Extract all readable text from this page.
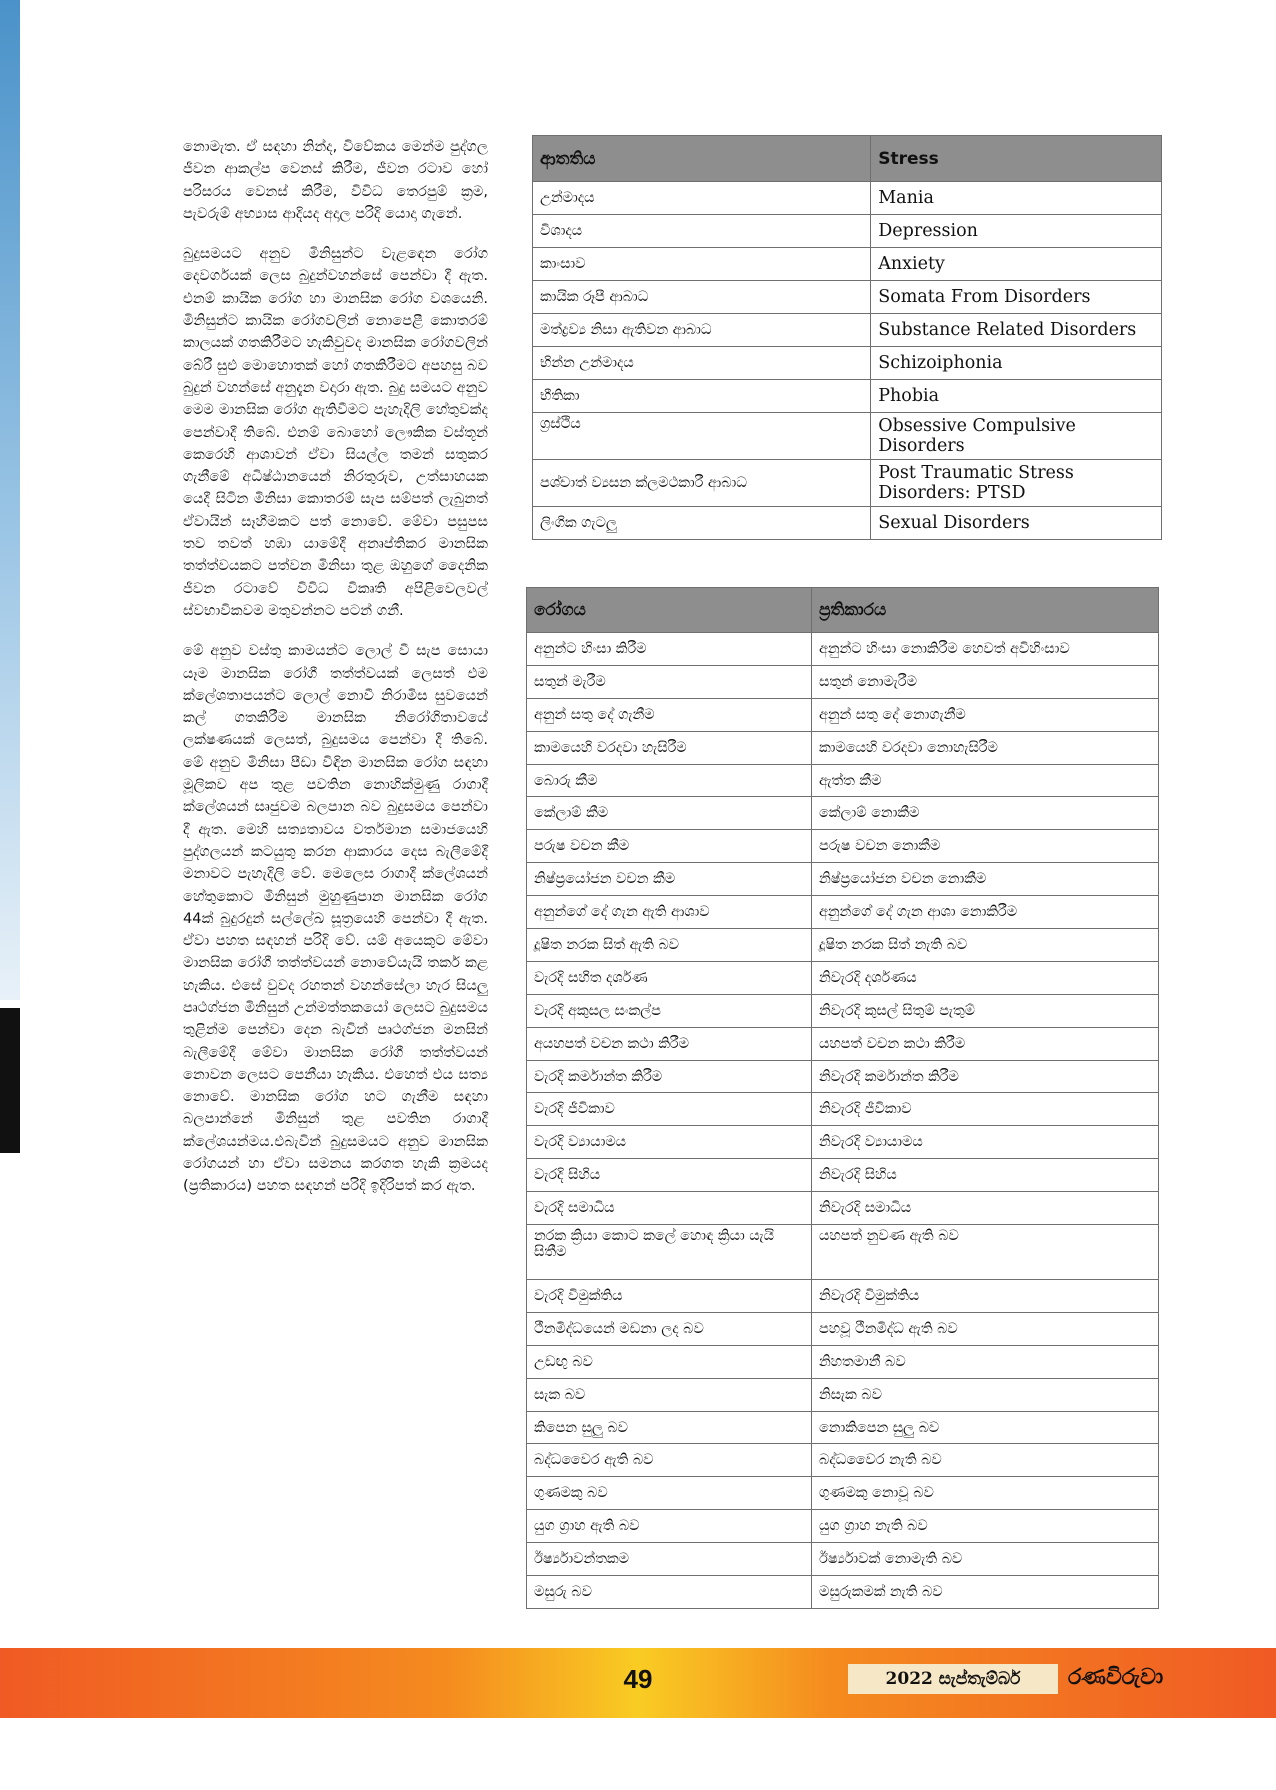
නොමැත. ඒ සඳහා නින්ද, විවේකය මෙන්ම පුද්ගල ජීවන ආකල්ප වෙනස් කිරීම, ජීවන රටාව හෝ පරිසරය වෙනස් කිරීම, විවිධ තෙරපුම් ක්‍රම, පැවරුම් අභ්‍යාස ආදියද අදාල පරිදි යොදා ගැනේ.

බුදුසමයට අනුව මිනිසුන්ට වැළඳෙන රෝග දෙවර්ගයක් ලෙස බුදුන්වහන්සේ පෙන්වා දී ඇත. එනම් කායික රෝග හා මානසික රෝග වශයෙනි. මිනිසුන්ට කායික රෝගවලින් නොපෙළී කොතරම් කාලයක් ගතකිරීමට හැකිවුවද මානසික රෝගවලින් බේරී සුළු මොහොතක් හෝ ගතකිරීමට අපහසු බව බුදුන් වහන්සේ අනුදැන වදාරා ඇත. බුදු සමයට අනුව මෙම මානසික රෝග ඇතිවීමට පැහැදිලි හේතුවක්ද පෙන්වාදී තිබේ. එනම් බොහෝ ලෞකික වස්තූන් කෙරෙහි ආශාවන් ඒවා සියල්ල තමන් සතුකර ගැනීමේ අධිෂ්ඨානයෙන් නිරතුරුව, උත්සාහයක යෙදී සිටින මිනිසා කොතරම් සැප සම්පත් ලැබුනත් ඒවායින් සෑහීමකට පත් නොවේ. මේවා පසුපස තව තවත් හඹා යාමේදී අනෘප්තිකර මානසික තත්ත්වයකට පත්වන මිනිසා තුළ ඔහුගේ දෛනික ජීවන රටාවේ විවිධ විකෘති අපිළිවෙලවල් ස්වභාවිකවම මතුවන්නට පටන් ගනී.

මේ අනුව වස්තු කාමයන්ට ලොල් වී සැප සොයා යෑම මානසික රෝගී තත්ත්වයක් ලෙසත් එම ක්ලේශතාපයන්ට ලොල් නොවී නිරාමිස සුවයෙන් කල් ගතකිරීම මානසික නිරෝගිතාවයේ ලක්ෂණයක් ලෙසත්, බුදුසමය පෙන්වා දී තිබේ. මේ අනුව මිනිසා පීඩා විඳින මානසික රෝග සඳහා මූලිකව අප තුළ පවතින නොහික්මුණු රාගාදී ක්ලේශයන් සෘජුවම බලපාන බව බුදුසමය පෙන්වා දී ඇත. මෙහි සත්‍යතාවය වර්තමාන සමාජයෙහි පුද්ගලයන් කටයුතු කරන ආකාරය දෙස බැලීමේදී මනාවට පැහැදිලි වේ. මෙලෙස රාගාදී ක්ලේශයන් හේතුකොට මිනිසුන් මුහුණුපාන මානසික රෝග 44ක් බුදුරදුන් සල්ලේඛ සූත්‍රයෙහි පෙන්වා දී ඇත. ඒවා පහත සඳහන් පරිදි වේ. යම් අයෙකුට මේවා මානසික රෝගී තත්ත්වයන් නොවේයැයි තර්ක කළ හැකිය. එසේ වුවද රහතන් වහන්සේලා හැර සියලු පෘථග්ජන මිනිසුන් උන්මත්තකයෝ ලෙසට බුදුසමය තුළින්ම පෙන්වා දෙන බැවින් පෘථග්ජන මනසින් බැලීමේදී මේවා මානසික රෝගී තත්ත්වයන් නොවන ලෙසට පෙනීයා හැකිය. එහෙත් එය සත්‍ය නොවේ. මානසික රෝග හට ගැනීම සඳහා බලපාන්නේ මිනිසුන් තුළ පවතින රාගාදී ක්ලේශයන්මය.එබැවින් බුදුසමයට අනුව මානසික රෝගයන් හා ඒවා සමනය කරගත හැකි ක්‍රමයද (ප්‍රතිකාරය) පහත සඳහන් පරිදි ඉදිරිපත් කර ඇත.

ආතතිය	Stress
උන්මාදය	Mania
විශාදය	Depression
කාංසාව	Anxiety
කායික රූපී ආබාධ	Somata From Disorders
මත්ද්‍රව්‍ය නිසා ඇතිවන ආබාධ	Substance Related Disorders
භින්න උන්මාදය	Schizoiphonia
භීතිකා	Phobia
ග්‍රස්ථිය	Obsessive Compulsive Disorders
පශ්චාත් ව්‍යසන ක්ලමථකාරී ආබාධ	Post Traumatic Stress Disorders: PTSD
ලිංගික ගැටලු	Sexual Disorders
රෝගය	ප්‍රතිකාරය
අනුන්ට හිංසා කිරීම	අනුන්ට හිංසා නොකිරීම හෙවත් අවිහිංසාව
සතුන් මැරීම	සතුන් නොමැරීම
අනුන් සතු දේ ගැනීම	අනුන් සතු දේ නොගැනීම
කාමයෙහි වරදවා හැසිරීම	කාමයෙහි වරදවා නොහැසිරීම
බොරු කීම	ඇත්ත කීම
කේලාම් කීම	කේලාම් නොකීම
පරුෂ වචන කීම	පරුෂ වචන නොකීම
නිෂ්ප්‍රයෝජන වචන කීම	නිෂ්ප්‍රයෝජන වචන නොකීම
අනුන්ගේ දේ ගැන ඇති ආශාව	අනුන්ගේ දේ ගැන ආශා නොකිරීම
දූෂිත නරක සිත් ඇති බව	දූෂිත නරක සිත් නැති බව
වැරදි සහිත දර්ශණ	නිවැරදි දර්ශණය
වැරදි අකුසල සංකල්ප	නිවැරදි කුසල් සිතුම් පැතුම්
අයහපත් වචන කථා කිරීම	යහපත් වචන කථා කිරීම
වැරදි කර්මාන්ත කිරීම	නිවැරදි කර්මාන්ත කිරීම
වැරදි ජීවිකාව	නිවැරදි ජීවිකාව
වැරදි ව්‍යායාමය	නිවැරදි ව්‍යායාමය
වැරදි සිහිය	නිවැරදි සිහිය
වැරදි සමාධිය	නිවැරදි සමාධිය
නරක ක්‍රියා කොට කලේ හොඳ ක්‍රියා යැයි සිතීම	යහපත් නුවණ ඇති බව
වැරදි විමුක්තිය	නිවැරදි විමුක්තිය
ථීනමිද්ධයෙන් මඩනා ලද බව	පහවූ ථීනමිද්ධ ඇති බව
උඩඟු බව	නිහතමානී බව
සැක බව	නිසැක බව
කිපෙන සුලු බව	නොකිපෙන සුලු බව
බද්ධවෛර ඇති බව	බද්ධවෛර නැති බව
ගුණමකු බව	ගුණමකු නොවූ බව
යුග ග්‍රාහ ඇති බව	යුග ග්‍රාහ නැති බව
ඊර්ෂ්‍යාවන්තකම	ඊර්ෂ්‍යාවක් නොමැති බව
මසුරු බව	මසුරුකමක් නැති බව
49	2022 සැප්තැම්බර්	රණවිරුවා
